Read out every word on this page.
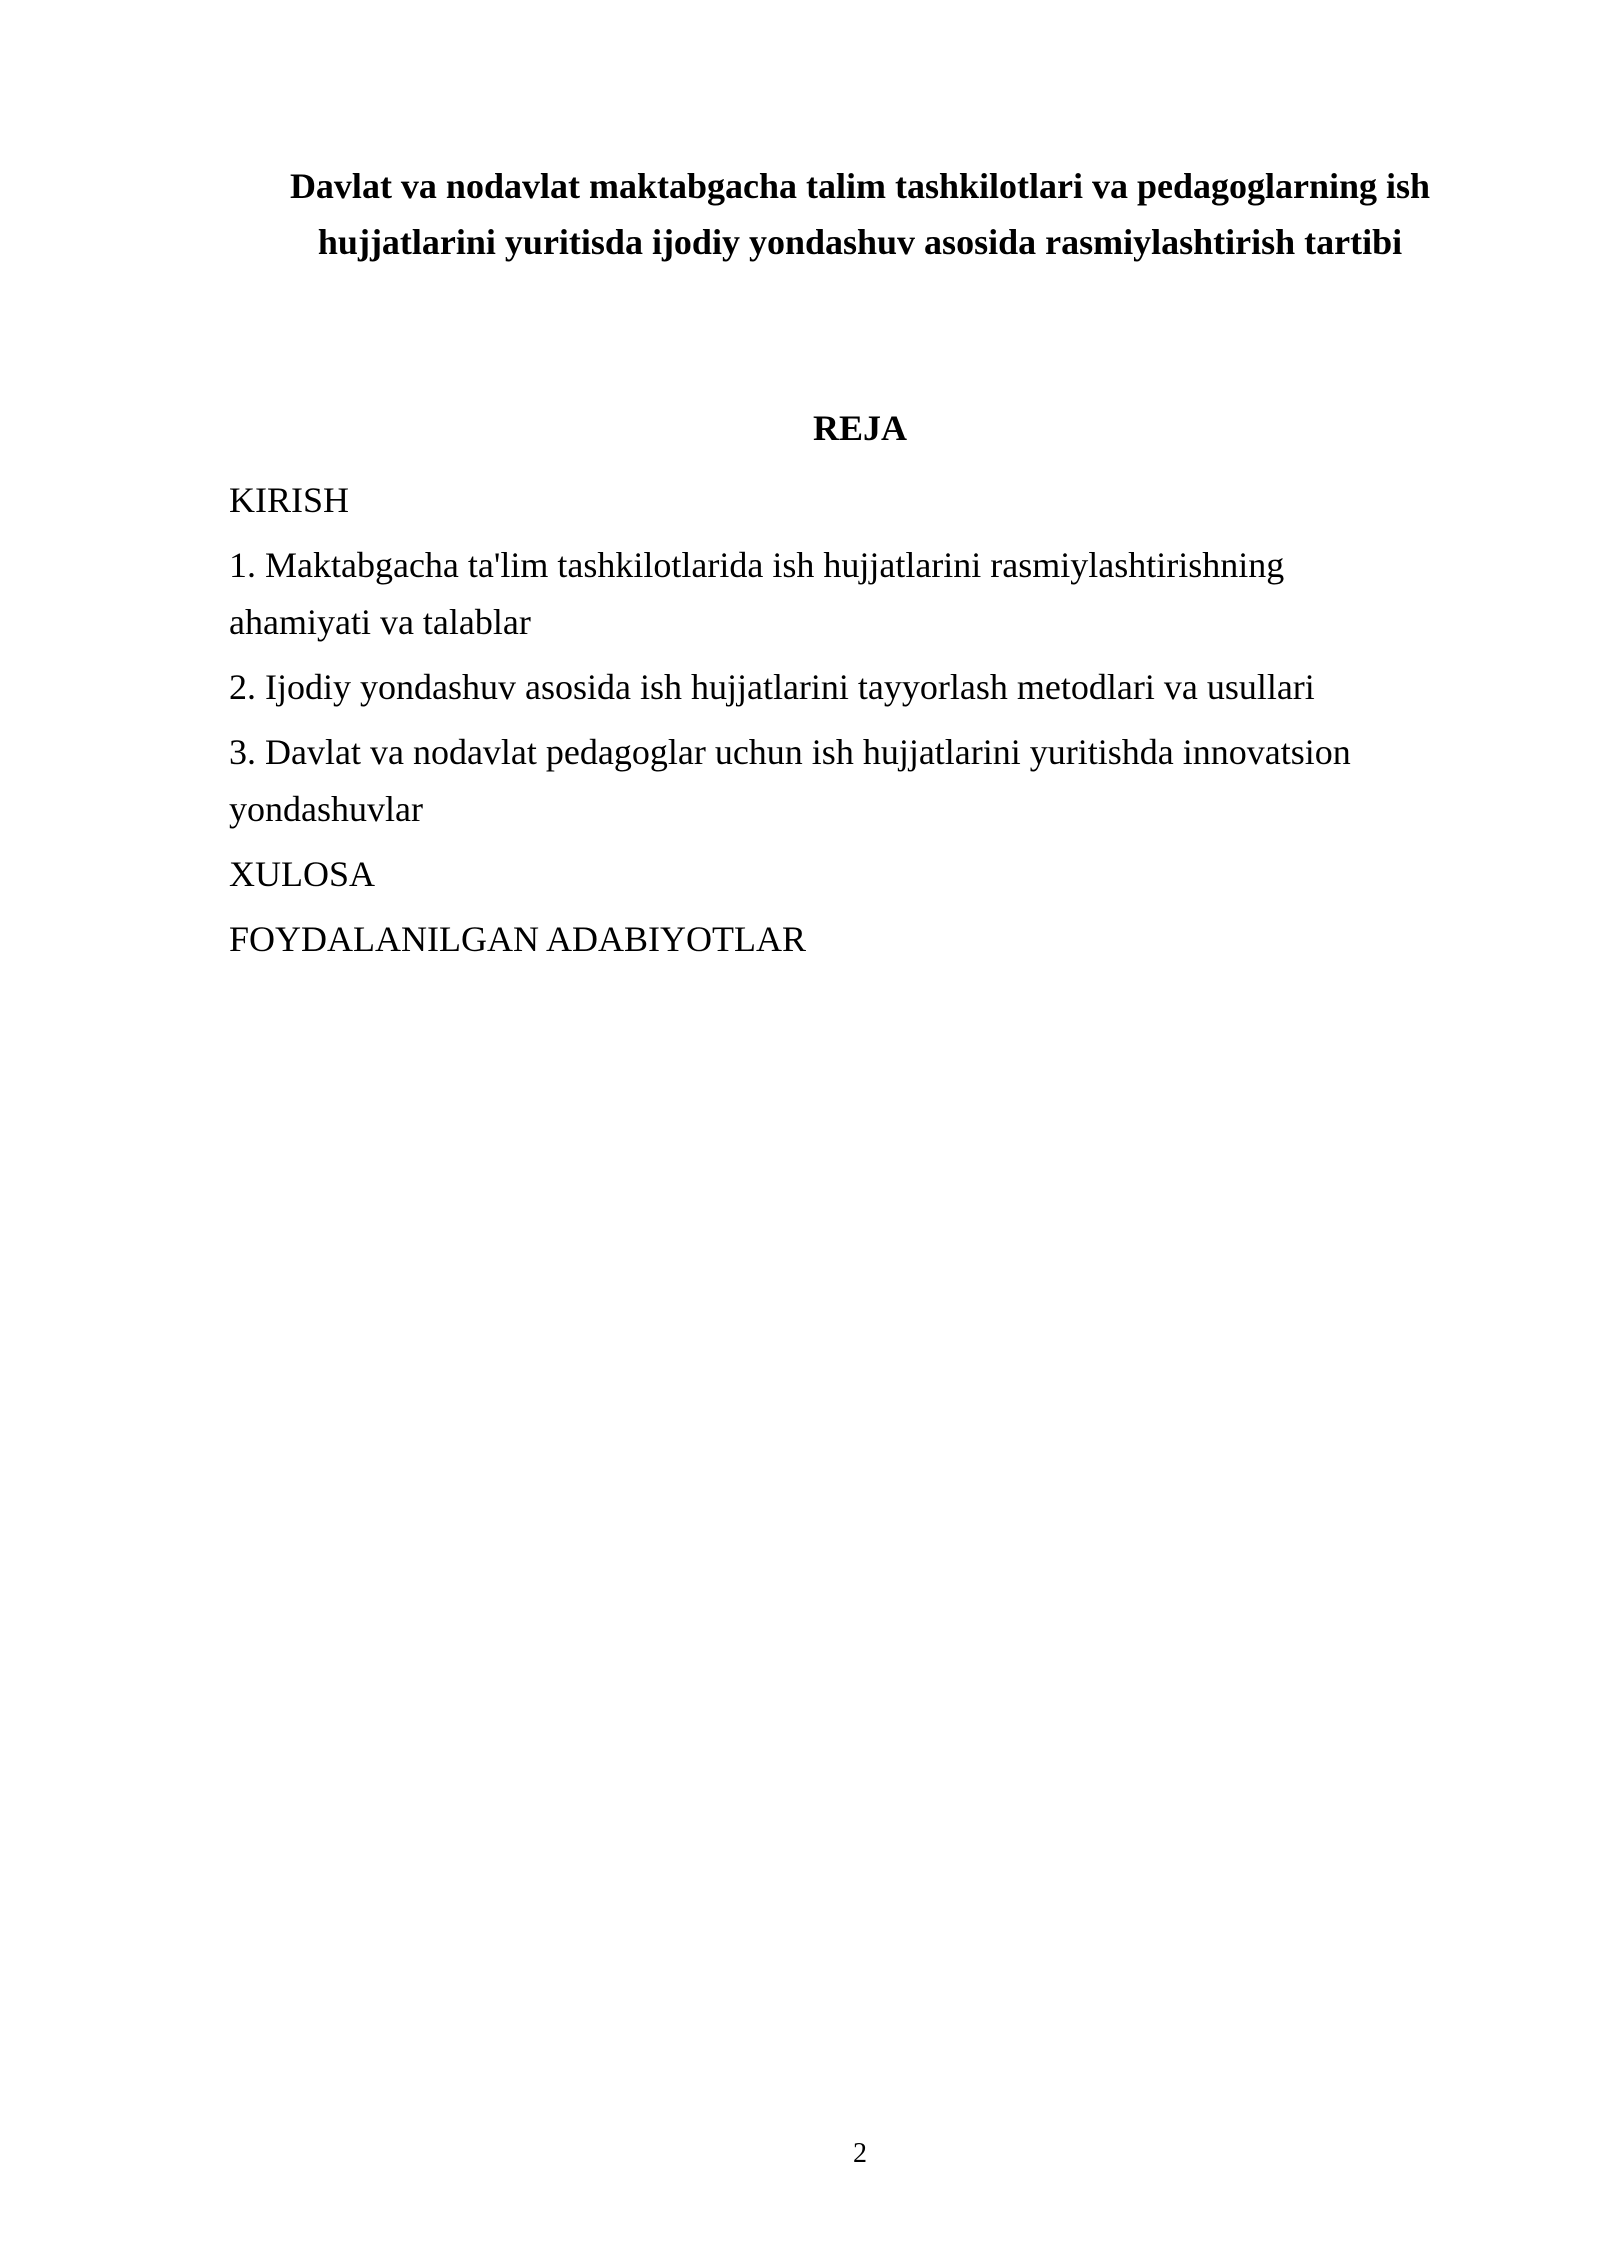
Davlat va nodavlat maktabgacha talim tashkilotlari va pedagoglarning ish hujjatlarini yuritisda ijodiy yondashuv asosida rasmiylashtirish tartibi
REJA
KIRISH
1. Maktabgacha ta'lim tashkilotlarida ish hujjatlarini rasmiylashtirishning ahamiyati va talablar
2. Ijodiy yondashuv asosida ish hujjatlarini tayyorlash metodlari va usullari
3. Davlat va nodavlat pedagoglar uchun ish hujjatlarini yuritishda innovatsion yondashuvlar
XULOSA
FOYDALANILGAN ADABIYOTLAR
2
